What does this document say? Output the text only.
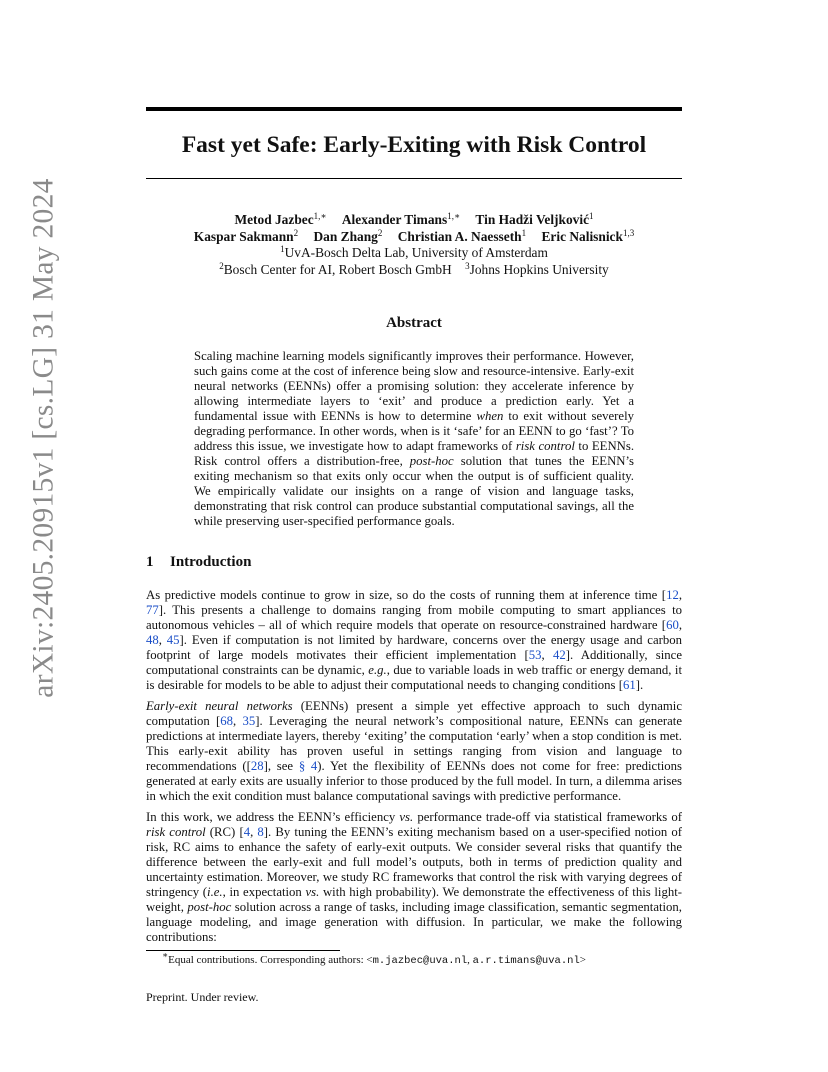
arXiv:2405.20915v1 [cs.LG] 31 May 2024
Fast yet Safe: Early-Exiting with Risk Control
Metod Jazbec$^{1,∗}$ Alexander Timans$^{1,∗}$ Tin Hadži Veljković$^1$
Kaspar Sakmann$^2$ Dan Zhang$^2$ Christian A. Naesseth$^1$ Eric Nalisnick$^{1,3}$
$^1$UvA-Bosch Delta Lab, University of Amsterdam
$^2$Bosch Center for AI, Robert Bosch GmbH $^3$Johns Hopkins University
Abstract

Scaling machine learning models significantly improves their performance. However, such gains come at the cost of inference being slow and resource-intensive. Early-exit neural networks (EENNs) offer a promising solution: they accelerate inference by allowing intermediate layers to ‘exit’ and produce a prediction early. Yet a fundamental issue with EENNs is how to determine when to exit without severely degrading performance. In other words, when is it ‘safe’ for an EENN to go ‘fast’? To address this issue, we investigate how to adapt frameworks of risk control to EENNs. Risk control offers a distribution-free, post-hoc solution that tunes the EENN’s exiting mechanism so that exits only occur when the output is of sufficient quality. We empirically validate our insights on a range of vision and language tasks, demonstrating that risk control can produce substantial computational savings, all the while preserving user-specified performance goals.

1 Introduction

As predictive models continue to grow in size, so do the costs of running them at inference time [12, 77]. This presents a challenge to domains ranging from mobile computing to smart appliances to autonomous vehicles – all of which require models that operate on resource-constrained hardware [60, 48, 45]. Even if computation is not limited by hardware, concerns over the energy usage and carbon footprint of large models motivates their efficient implementation [53, 42]. Additionally, since computational constraints can be dynamic, e.g., due to variable loads in web traffic or energy demand, it is desirable for models to be able to adjust their computational needs to changing conditions [61].

Early-exit neural networks (EENNs) present a simple yet effective approach to such dynamic computation [68, 35]. Leveraging the neural network’s compositional nature, EENNs can generate predictions at intermediate layers, thereby ‘exiting’ the computation ‘early’ when a stop condition is met. This early-exit ability has proven useful in settings ranging from vision and language to recommendations ([28], see § 4). Yet the flexibility of EENNs does not come for free: predictions generated at early exits are usually inferior to those produced by the full model. In turn, a dilemma arises in which the exit condition must balance computational savings with predictive performance.

In this work, we address the EENN’s efficiency vs. performance trade-off via statistical frameworks of risk control (RC) [4, 8]. By tuning the EENN’s exiting mechanism based on a user-specified notion of risk, RC aims to enhance the safety of early-exit outputs. We consider several risks that quantify the difference between the early-exit and full model’s outputs, both in terms of prediction quality and uncertainty estimation. Moreover, we study RC frameworks that control the risk with varying degrees of stringency (i.e., in expectation vs. with high probability). We demonstrate the effectiveness of this light-weight, post-hoc solution across a range of tasks, including image classification, semantic segmentation, language modeling, and image generation with diffusion. In particular, we make the following contributions:

∗Equal contributions. Corresponding authors: <m.jazbec@uva.nl, a.r.timans@uva.nl>
Preprint. Under review.
